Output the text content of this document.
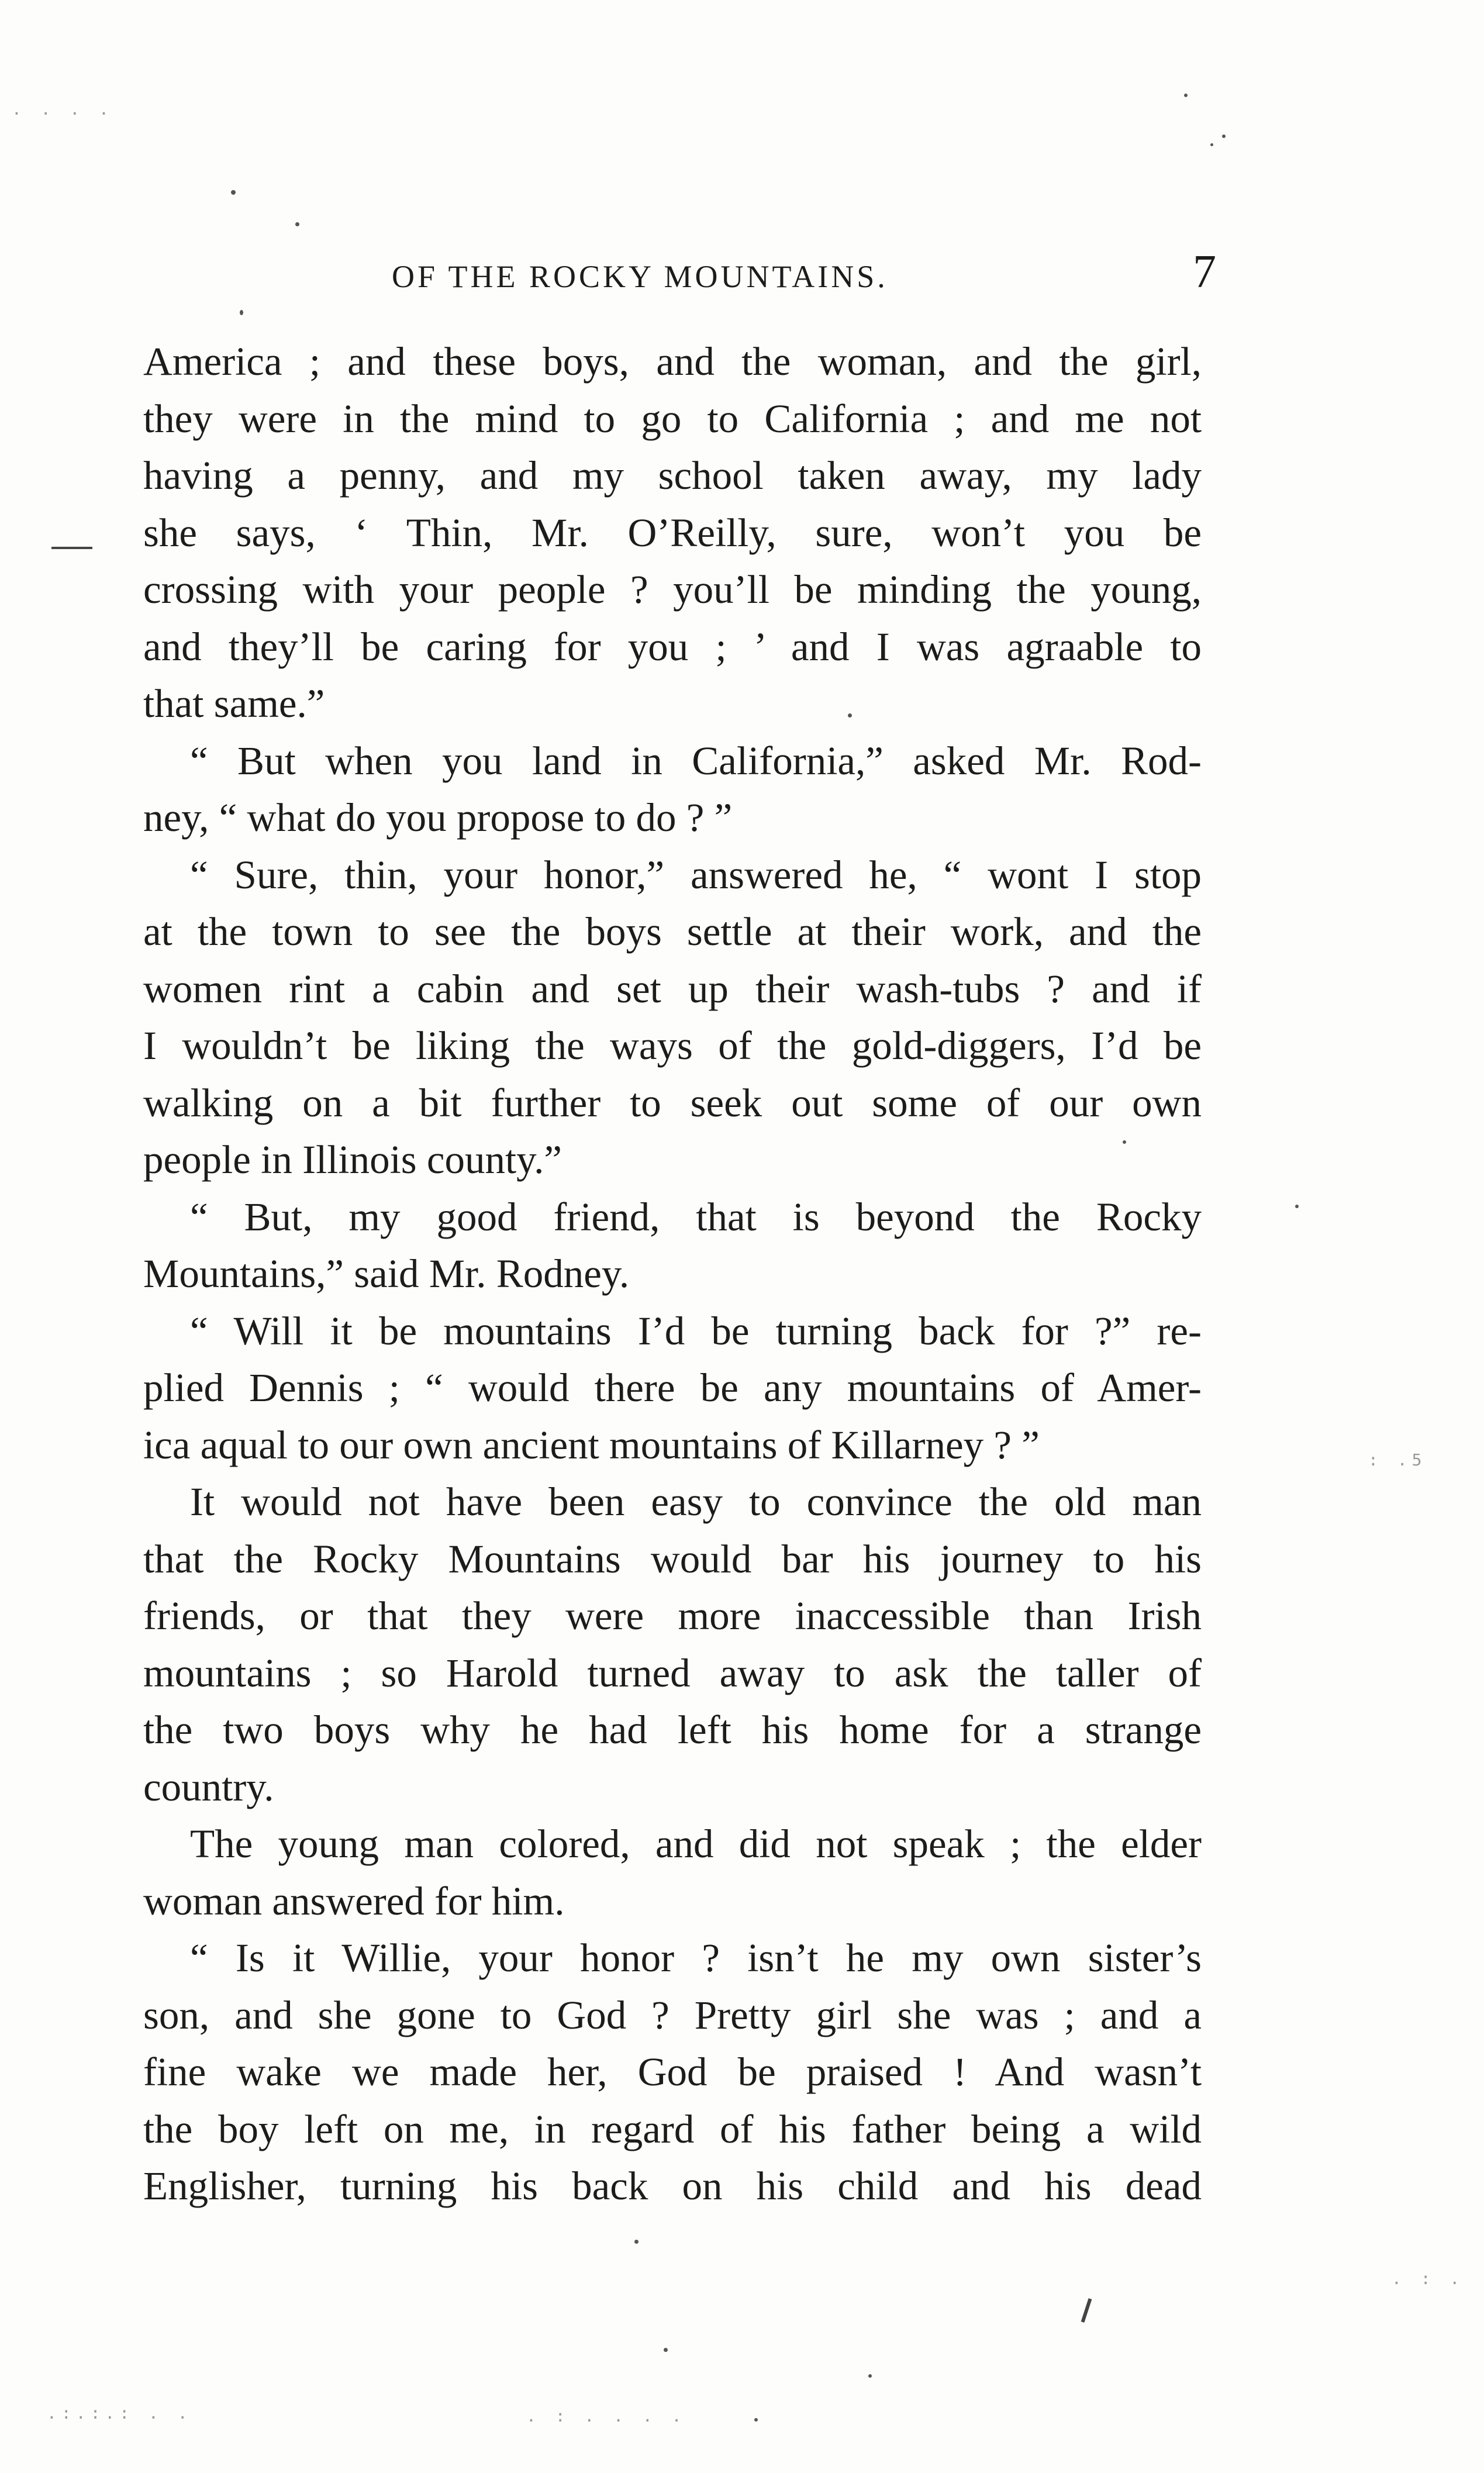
OF THE ROCKY MOUNTAINS.	7
America ; and these boys, and the woman, and the girl,
they were in the mind to go to California ; and me not
having a penny, and my school taken away, my lady
she says, ‘ Thin, Mr. O’Reilly, sure, won’t you be
crossing with your people ? you’ll be minding the young,
and they’ll be caring for you ; ’ and I was agraable to
that same.”
“ But when you land in California,” asked Mr. Rod-
ney, “ what do you propose to do ? ”
“ Sure, thin, your honor,” answered he, “ wont I stop
at the town to see the boys settle at their work, and the
women rint a cabin and set up their wash-tubs ? and if
I wouldn’t be liking the ways of the gold-diggers, I’d be
walking on a bit further to seek out some of our own
people in Illinois county.”
“ But, my good friend, that is beyond the Rocky
Mountains,” said Mr. Rodney.
“ Will it be mountains I’d be turning back for ?” re-
plied Dennis ; “ would there be any mountains of Amer-
ica aqual to our own ancient mountains of Killarney ? ”
It would not have been easy to convince the old man
that the Rocky Mountains would bar his journey to his
friends, or that they were more inaccessible than Irish
mountains ; so Harold turned away to ask the taller of
the two boys why he had left his home for a strange
country.
The young man colored, and did not speak ; the elder
woman answered for him.
“ Is it Willie, your honor ? isn’t he my own sister’s
son, and she gone to God ? Pretty girl she was ; and a
fine wake we made her, God be praised ! And wasn’t
the boy left on me, in regard of his father being a wild
Englisher, turning his back on his child and his dead
. . . .
: .5
. : .
.:.:.: . .	. : . . . .
